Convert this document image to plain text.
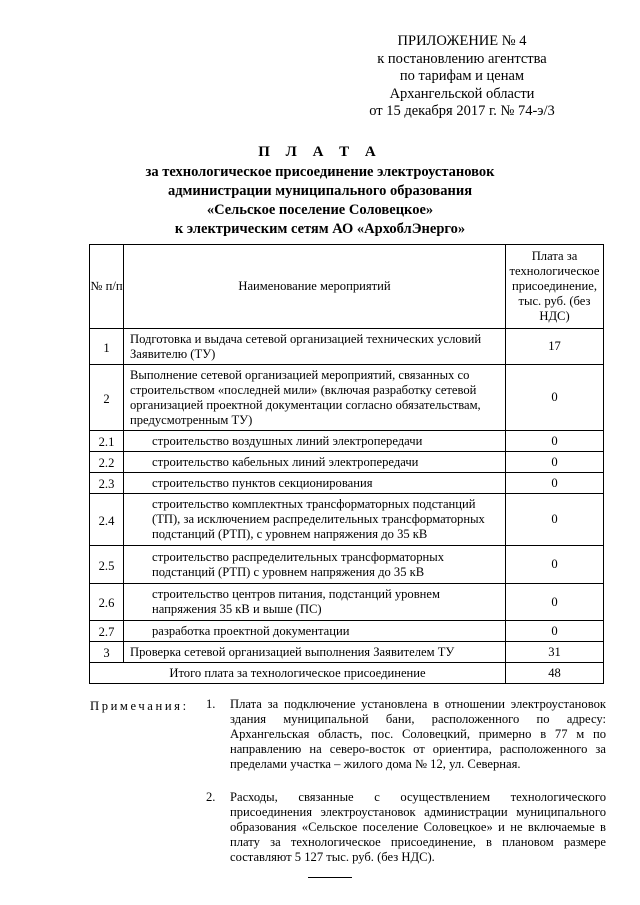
ПРИЛОЖЕНИЕ № 4
к постановлению агентства
по тарифам и ценам
Архангельской области
от 15 декабря 2017 г. № 74-э/3
П Л А Т А
за технологическое присоединение электроустановок
администрации муниципального образования
«Сельское поселение Соловецкое»
к электрическим сетям АО «АрхоблЭнерго»
№ п/п	Наименование мероприятий	Плата за технологическое присоединение, тыс. руб. (без НДС)
1	Подготовка и выдача сетевой организацией технических условий Заявителю (ТУ)	17
2	Выполнение сетевой организацией мероприятий, связанных со строительством «последней мили» (включая разработку сетевой организацией проектной документации согласно обязательствам, предусмотренным ТУ)	0
2.1	строительство воздушных линий электропередачи	0
2.2	строительство кабельных линий электропередачи	0
2.3	строительство пунктов секционирования	0
2.4	строительство комплектных трансформаторных подстанций (ТП), за исключением распределительных трансформаторных подстанций (РТП), с уровнем напряжения до 35 кВ	0
2.5	строительство распределительных трансформаторных подстанций (РТП) с уровнем напряжения до 35 кВ	0
2.6	строительство центров питания, подстанций уровнем напряжения 35 кВ и выше (ПС)	0
2.7	разработка проектной документации	0
3	Проверка сетевой организацией выполнения Заявителем ТУ	31
Итого плата за технологическое присоединение		48
Примечания: 1. Плата за подключение установлена в отношении электроустановок здания муниципальной бани, расположенного по адресу: Архангельская область, пос. Соловецкий, примерно в 77 м по направлению на северо-восток от ориентира, расположенного за пределами участка – жилого дома № 12, ул. Северная.
2. Расходы, связанные с осуществлением технологического присоединения электроустановок администрации муниципального образования «Сельское поселение Соловецкое» и не включаемые в плату за технологическое присоединение, в плановом размере составляют 5 127 тыс. руб. (без НДС).
